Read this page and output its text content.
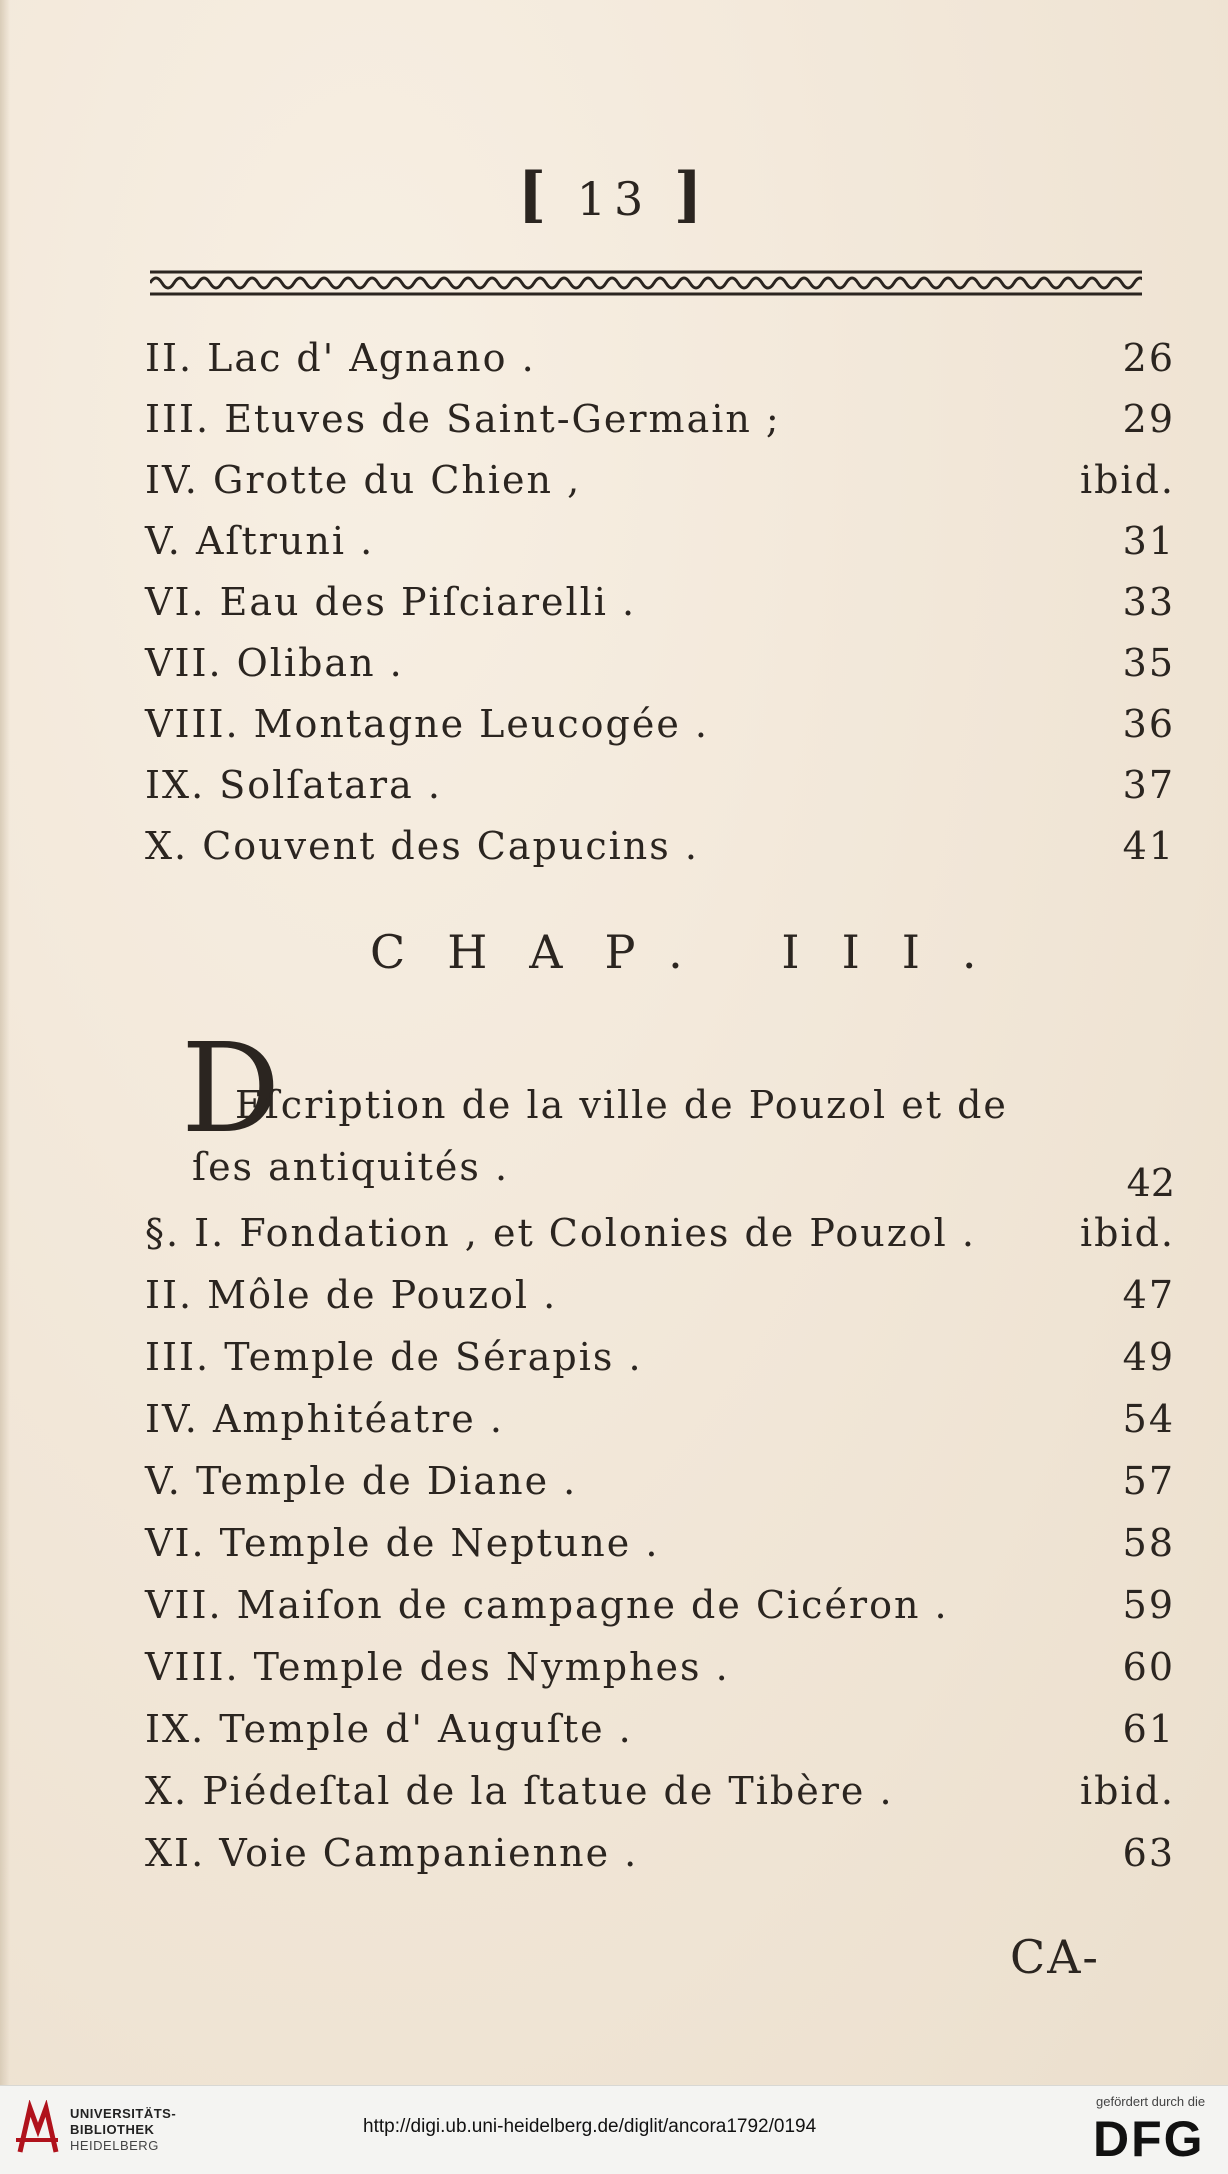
[ 13 ]
II. Lac d' Agnano .	26
III. Etuves de Saint-Germain ;	29
IV. Grotte du Chien ,	ibid.
V. Aſtruni .	31
VI. Eau des Piſciarelli .	33
VII. Oliban .	35
VIII. Montagne Leucogée .	36
IX. Solſatara .	37
X. Couvent des Capucins .	41
CHAP. III.
D
Eſcription de la ville de Pouzol et de
ſes antiquités .	42
§. I. Fondation , et Colonies de Pouzol .	ibid.
II. Môle de Pouzol .	47
III. Temple de Sérapis .	49
IV. Amphitéatre .	54
V. Temple de Diane .	57
VI. Temple de Neptune .	58
VII. Maiſon de campagne de Cicéron .	59
VIII. Temple des Nymphes .	60
IX. Temple d' Auguſte .	61
X. Piédeſtal de la ſtatue de Tibère .	ibid.
XI. Voie Campanienne .	63
CA-
UNIVERSITÄTS-
BIBLIOTHEK
HEIDELBERG
http://digi.ub.uni-heidelberg.de/diglit/ancora1792/0194
gefördert durch die
DFG
